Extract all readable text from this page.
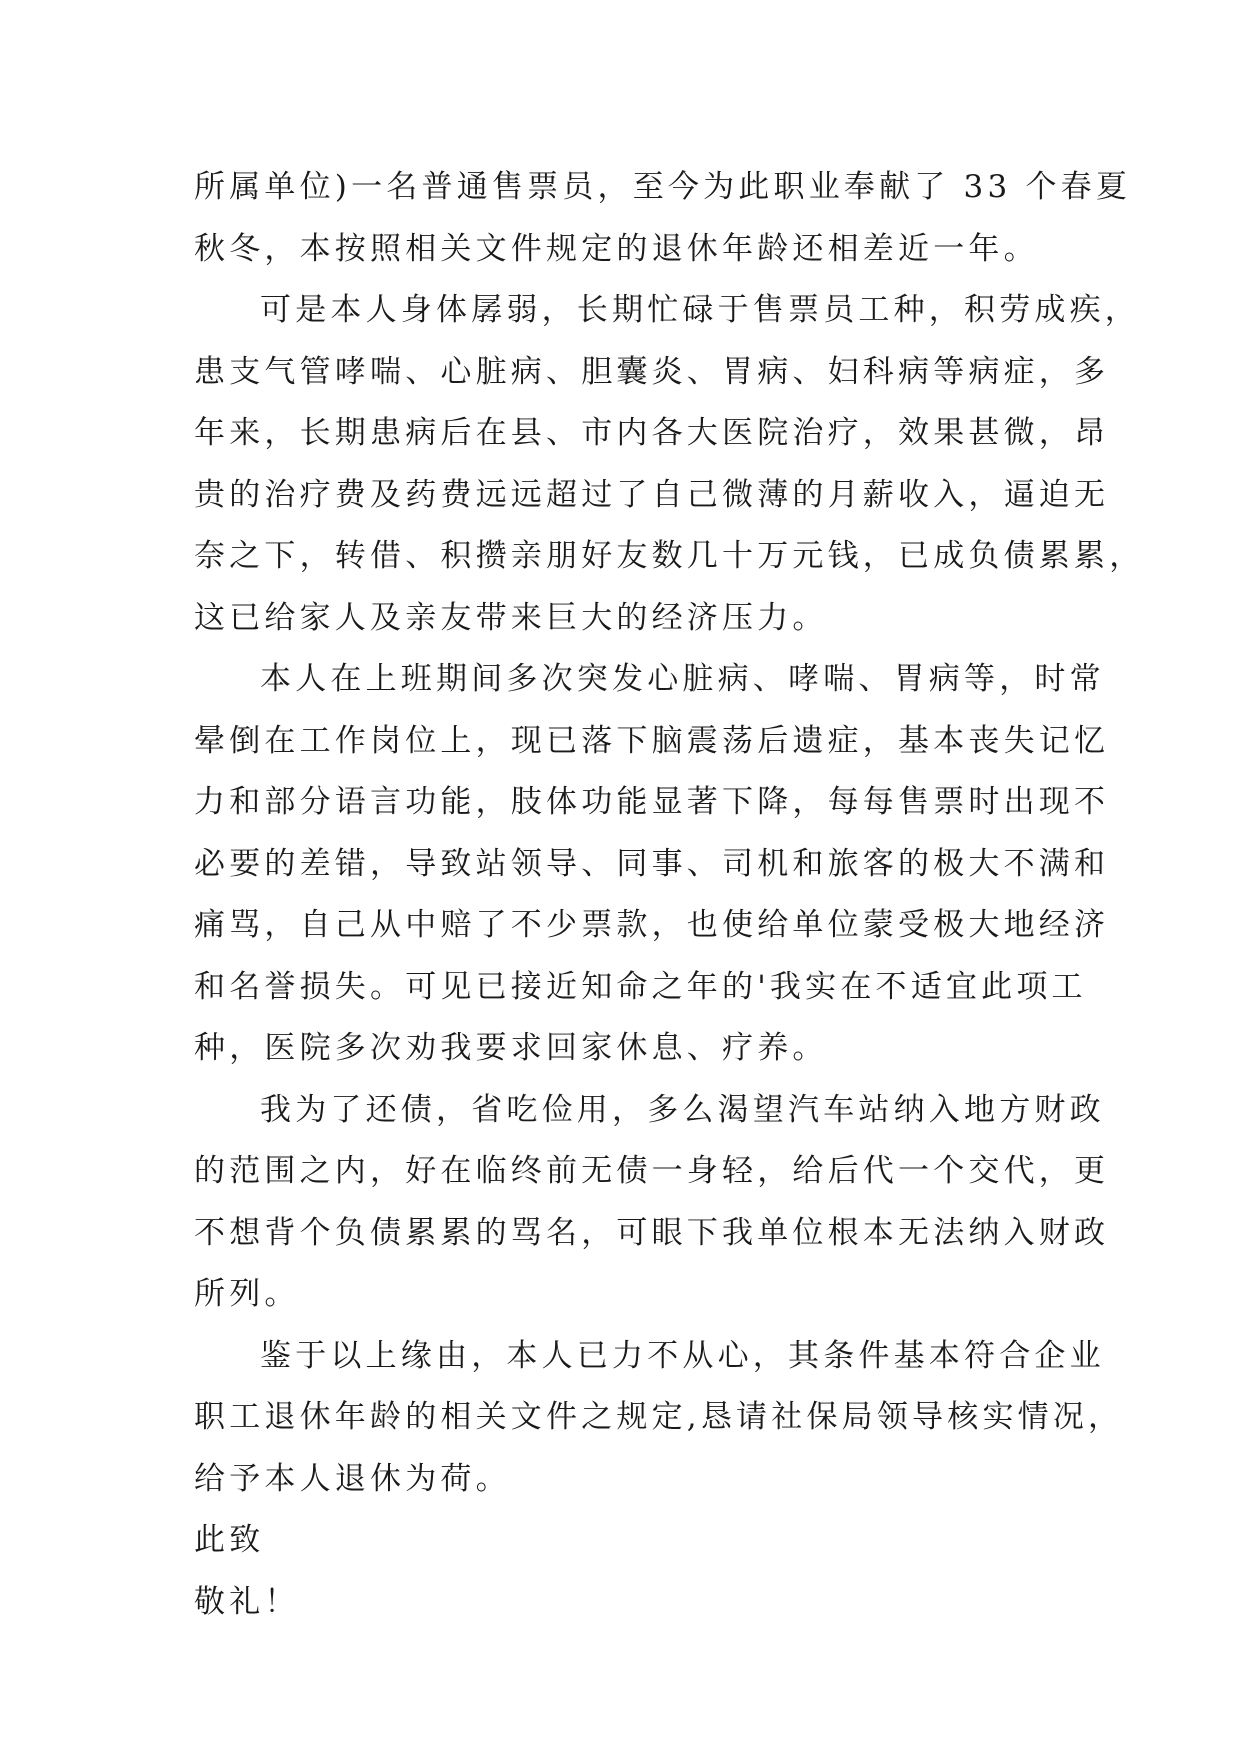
所属单位)一名普通售票员，至今为此职业奉献了 33 个春夏
秋冬，本按照相关文件规定的退休年龄还相差近一年。
可是本人身体孱弱，长期忙碌于售票员工种，积劳成疾，
患支气管哮喘、心脏病、胆囊炎、胃病、妇科病等病症，多
年来，长期患病后在县、市内各大医院治疗，效果甚微，昂
贵的治疗费及药费远远超过了自己微薄的月薪收入，逼迫无
奈之下，转借、积攒亲朋好友数几十万元钱，已成负债累累，
这已给家人及亲友带来巨大的经济压力。
本人在上班期间多次突发心脏病、哮喘、胃病等，时常
晕倒在工作岗位上，现已落下脑震荡后遗症，基本丧失记忆
力和部分语言功能，肢体功能显著下降，每每售票时出现不
必要的差错，导致站领导、同事、司机和旅客的极大不满和
痛骂，自己从中赔了不少票款，也使给单位蒙受极大地经济
和名誉损失。可见已接近知命之年的'我实在不适宜此项工
种，医院多次劝我要求回家休息、疗养。
我为了还债，省吃俭用，多么渴望汽车站纳入地方财政
的范围之内，好在临终前无债一身轻，给后代一个交代，更
不想背个负债累累的骂名，可眼下我单位根本无法纳入财政
所列。
鉴于以上缘由，本人已力不从心，其条件基本符合企业
职工退休年龄的相关文件之规定,恳请社保局领导核实情况，
给予本人退休为荷。
此致
敬礼！
